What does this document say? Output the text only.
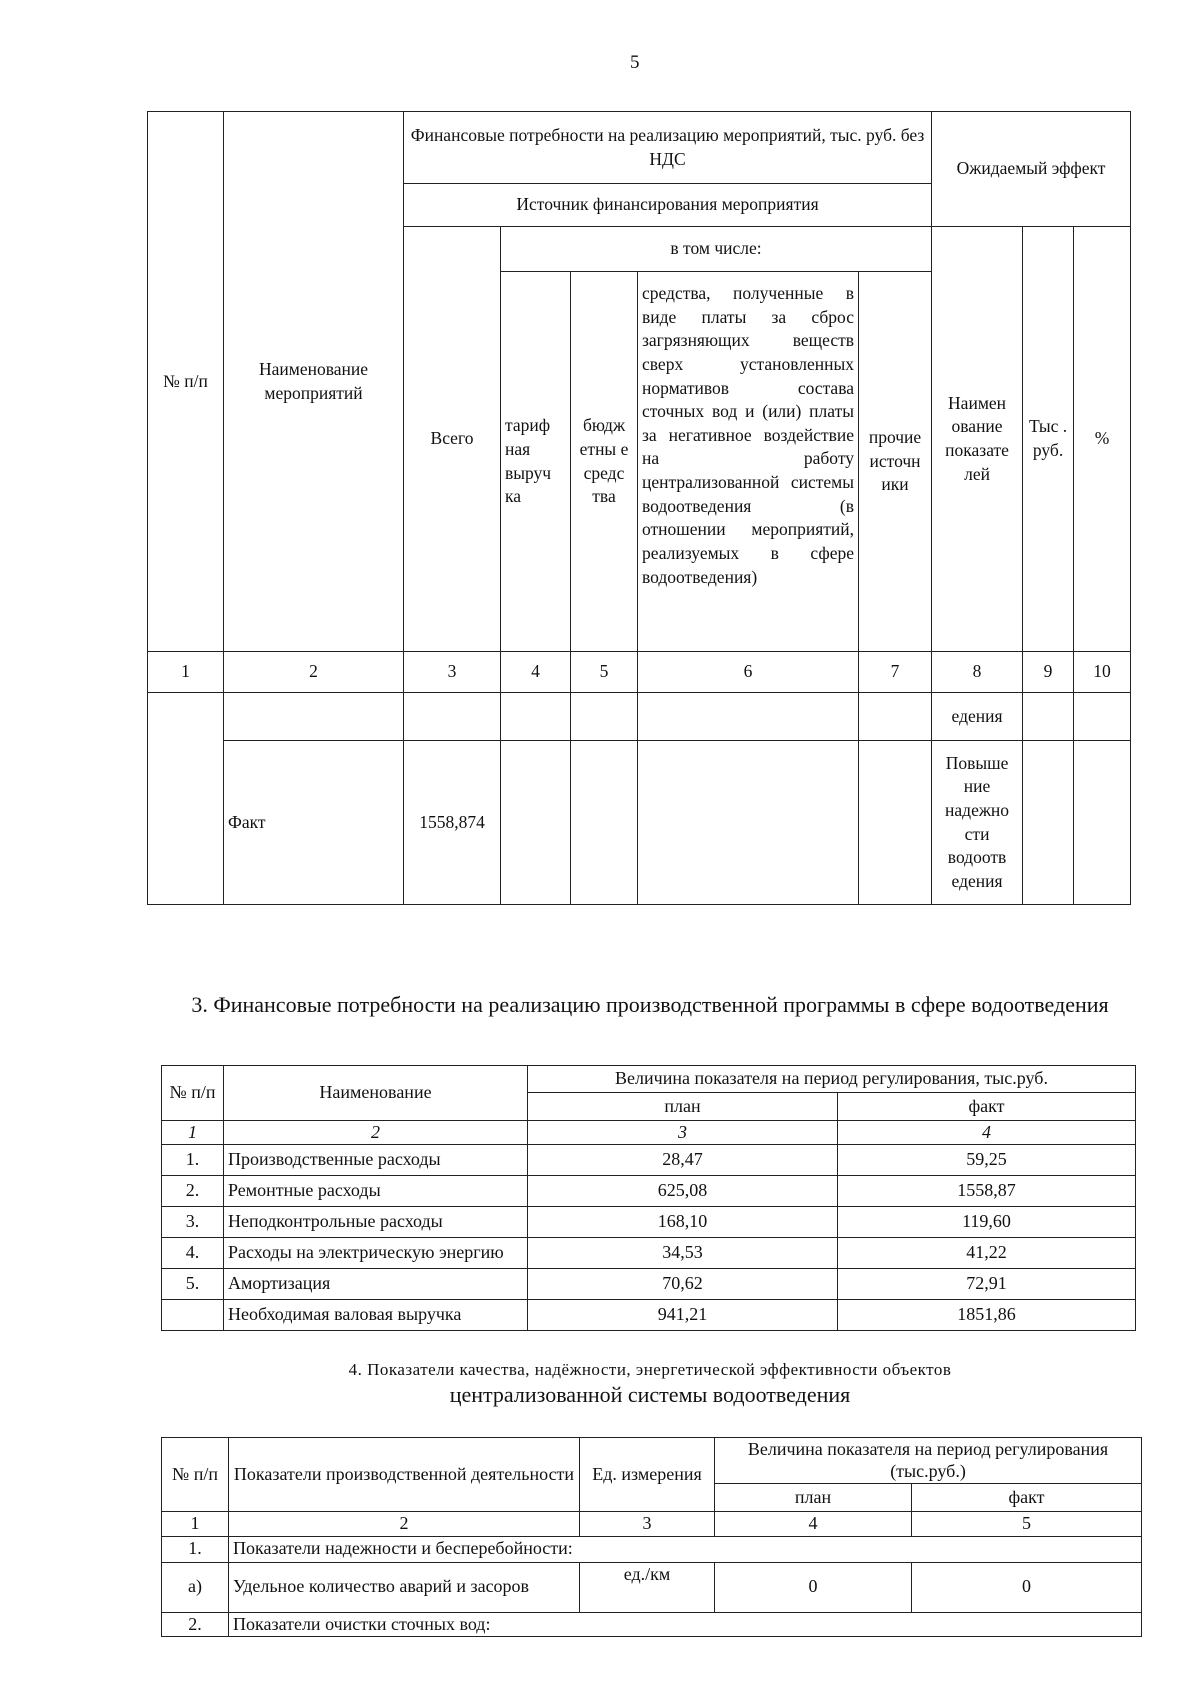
5
№ п/п	Наименование мероприятий	Финансовые потребности на реализацию мероприятий, тыс. руб. без НДС					Ожидаемый эффект		
		Источник финансирования мероприятия							
		Всего	в том числе:				Наимен ование показате лей	Тыс . руб.	%
			тариф ная выруч ка	бюдж етны е средс тва	средства, полученные в виде платы за сброс загрязняющих веществ сверх установленных нормативов состава сточных вод и (или) платы за негативное воздействие на работу централизованной системы водоотведения (в отношении мероприятий, реализуемых в сфере водоотведения)	прочие источн ики			
1	2	3	4	5	6	7	8	9	10
							едения		
	Факт	1558,874					Повыше ние надежно сти водоотв едения		
3. Финансовые потребности на реализацию производственной программы в сфере водоотведения
№ п/п	Наименование	Величина показателя на период регулирования, тыс.руб.	
		план	факт
1	2	3	4
1.	Производственные расходы	28,47	59,25
2.	Ремонтные расходы	625,08	1558,87
3.	Неподконтрольные расходы	168,10	119,60
4.	Расходы на электрическую энергию	34,53	41,22
5.	Амортизация	70,62	72,91
	Необходимая валовая выручка	941,21	1851,86
4. Показатели качества, надёжности, энергетической эффективности объектов
централизованной системы водоотведения
№ п/п	Показатели производственной деятельности	Ед. измерения	Величина показателя на период регулирования (тыс.руб.)	
			план	факт
1	2	3	4	5
1.	Показатели надежности и бесперебойности:			
а)	Удельное количество аварий и засоров	ед./км	0	0
2.	Показатели очистки сточных вод:			
